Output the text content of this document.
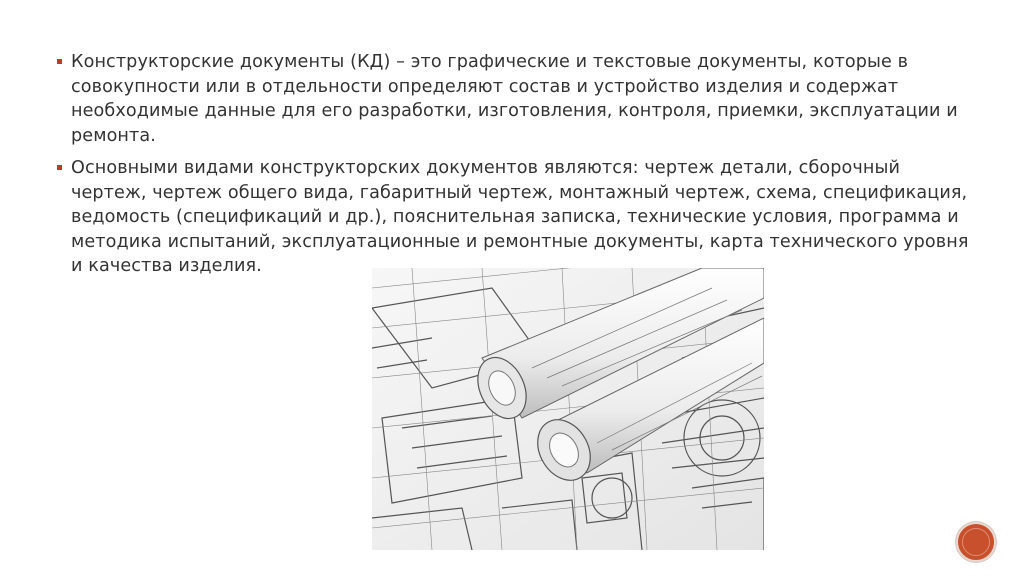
Конструкторские документы (КД) – это графические и текстовые документы, которые в совокупности или в отдельности определяют состав и устройство изделия и содержат необходимые данные для его разработки, изготовления, контроля, приемки, эксплуатации и ремонта.
Основными видами конструкторских документов являются: чертеж детали, сборочный чертеж, чертеж общего вида, габаритный чертеж, монтажный чертеж, схема, спецификация, ведомость (спецификаций и др.), пояснительная записка, технические условия, программа и методика испытаний, эксплуатационные и ремонтные документы, карта технического уровня и качества изделия.
